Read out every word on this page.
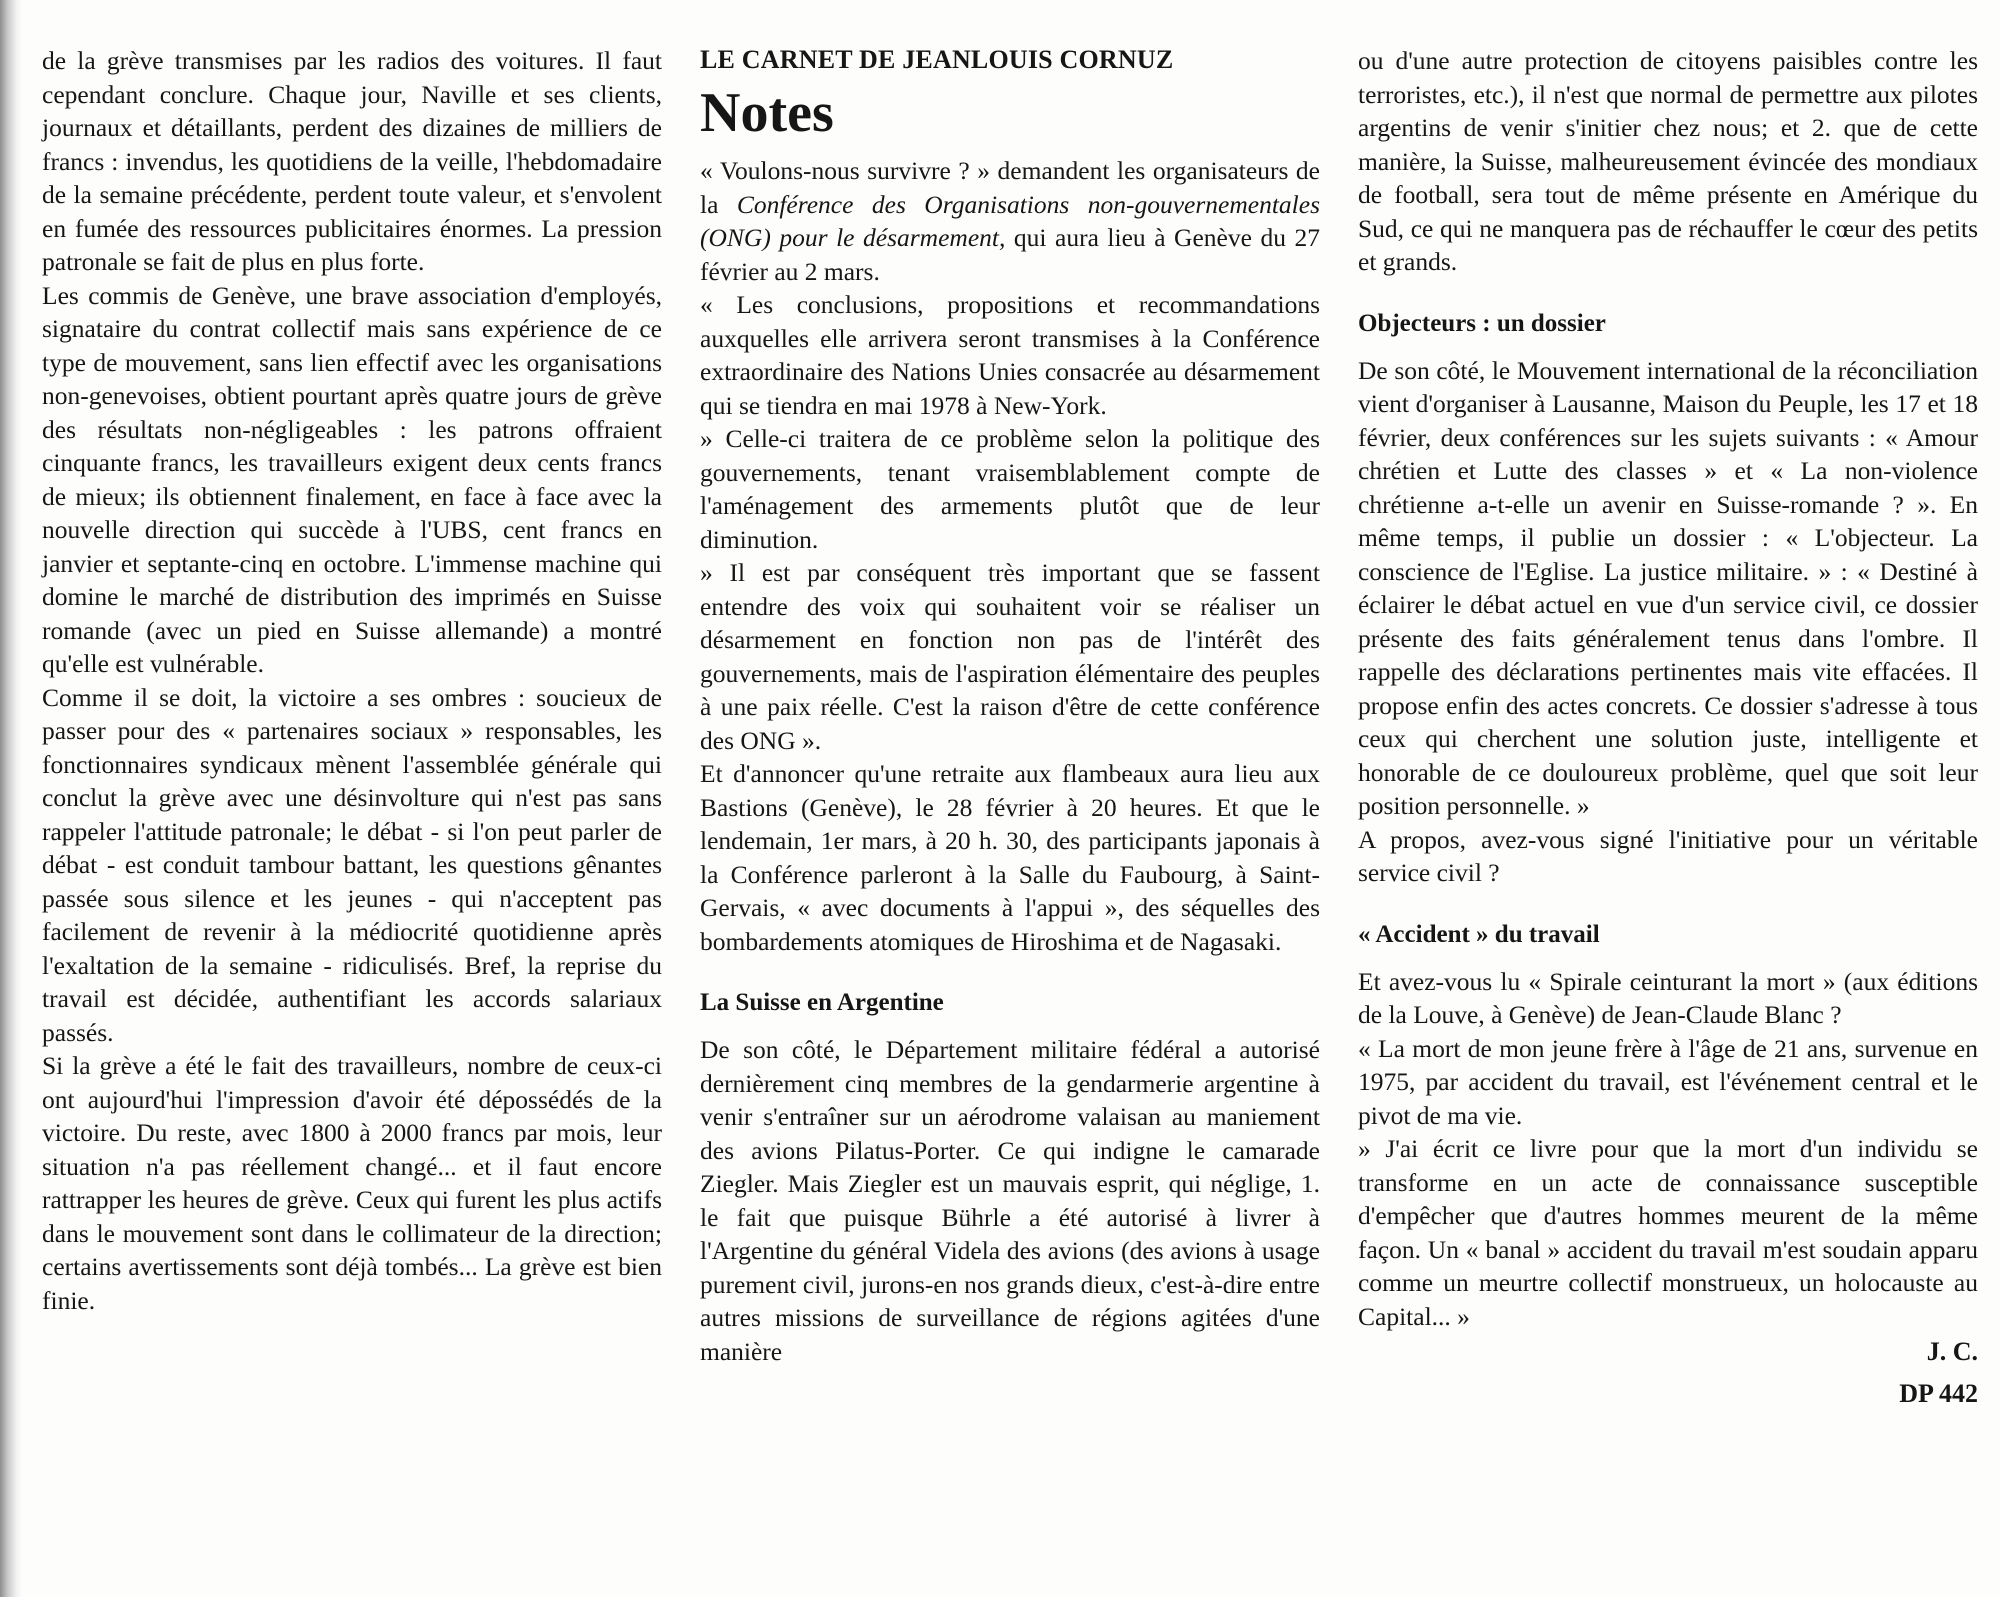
de la grève transmises par les radios des voitures. Il faut cependant conclure. Chaque jour, Naville et ses clients, journaux et détaillants, perdent des dizaines de milliers de francs : invendus, les quotidiens de la veille, l'hebdomadaire de la semaine précédente, perdent toute valeur, et s'envolent en fumée des ressources publicitaires énormes. La pression patronale se fait de plus en plus forte.

Les commis de Genève, une brave association d'employés, signataire du contrat collectif mais sans expérience de ce type de mouvement, sans lien effectif avec les organisations non-genevoises, obtient pourtant après quatre jours de grève des résultats non-négligeables : les patrons offraient cinquante francs, les travailleurs exigent deux cents francs de mieux; ils obtiennent finalement, en face à face avec la nouvelle direction qui succède à l'UBS, cent francs en janvier et septante-cinq en octobre. L'immense machine qui domine le marché de distribution des imprimés en Suisse romande (avec un pied en Suisse allemande) a montré qu'elle est vulnérable.

Comme il se doit, la victoire a ses ombres : soucieux de passer pour des « partenaires sociaux » responsables, les fonctionnaires syndicaux mènent l'assemblée générale qui conclut la grève avec une désinvolture qui n'est pas sans rappeler l'attitude patronale; le débat - si l'on peut parler de débat - est conduit tambour battant, les questions gênantes passée sous silence et les jeunes - qui n'acceptent pas facilement de revenir à la médiocrité quotidienne après l'exaltation de la semaine - ridiculisés. Bref, la reprise du travail est décidée, authentifiant les accords salariaux passés.

Si la grève a été le fait des travailleurs, nombre de ceux-ci ont aujourd'hui l'impression d'avoir été dépossédés de la victoire. Du reste, avec 1800 à 2000 francs par mois, leur situation n'a pas réellement changé... et il faut encore rattrapper les heures de grève. Ceux qui furent les plus actifs dans le mouvement sont dans le collimateur de la direction; certains avertissements sont déjà tombés... La grève est bien finie.

LE CARNET DE JEANLOUIS CORNUZ
Notes

« Voulons-nous survivre ? » demandent les organisateurs de la Conférence des Organisations non-gouvernementales (ONG) pour le désarmement, qui aura lieu à Genève du 27 février au 2 mars.

« Les conclusions, propositions et recommandations auxquelles elle arrivera seront transmises à la Conférence extraordinaire des Nations Unies consacrée au désarmement qui se tiendra en mai 1978 à New-York.

» Celle-ci traitera de ce problème selon la politique des gouvernements, tenant vraisemblablement compte de l'aménagement des armements plutôt que de leur diminution.

» Il est par conséquent très important que se fassent entendre des voix qui souhaitent voir se réaliser un désarmement en fonction non pas de l'intérêt des gouvernements, mais de l'aspiration élémentaire des peuples à une paix réelle. C'est la raison d'être de cette conférence des ONG ».

Et d'annoncer qu'une retraite aux flambeaux aura lieu aux Bastions (Genève), le 28 février à 20 heures. Et que le lendemain, 1er mars, à 20 h. 30, des participants japonais à la Conférence parleront à la Salle du Faubourg, à Saint-Gervais, « avec documents à l'appui », des séquelles des bombardements atomiques de Hiroshima et de Nagasaki.

La Suisse en Argentine

De son côté, le Département militaire fédéral a autorisé dernièrement cinq membres de la gendarmerie argentine à venir s'entraîner sur un aérodrome valaisan au maniement des avions Pilatus-Porter. Ce qui indigne le camarade Ziegler. Mais Ziegler est un mauvais esprit, qui néglige, 1. le fait que puisque Bührle a été autorisé à livrer à l'Argentine du général Videla des avions (des avions à usage purement civil, jurons-en nos grands dieux, c'est-à-dire entre autres missions de surveillance de régions agitées d'une manière

ou d'une autre protection de citoyens paisibles contre les terroristes, etc.), il n'est que normal de permettre aux pilotes argentins de venir s'initier chez nous; et 2. que de cette manière, la Suisse, malheureusement évincée des mondiaux de football, sera tout de même présente en Amérique du Sud, ce qui ne manquera pas de réchauffer le cœur des petits et grands.

Objecteurs : un dossier

De son côté, le Mouvement international de la réconciliation vient d'organiser à Lausanne, Maison du Peuple, les 17 et 18 février, deux conférences sur les sujets suivants : « Amour chrétien et Lutte des classes » et « La non-violence chrétienne a-t-elle un avenir en Suisse-romande ? ». En même temps, il publie un dossier : « L'objecteur. La conscience de l'Eglise. La justice militaire. » : « Destiné à éclairer le débat actuel en vue d'un service civil, ce dossier présente des faits généralement tenus dans l'ombre. Il rappelle des déclarations pertinentes mais vite effacées. Il propose enfin des actes concrets. Ce dossier s'adresse à tous ceux qui cherchent une solution juste, intelligente et honorable de ce douloureux problème, quel que soit leur position personnelle. »

A propos, avez-vous signé l'initiative pour un véritable service civil ?

« Accident » du travail

Et avez-vous lu « Spirale ceinturant la mort » (aux éditions de la Louve, à Genève) de Jean-Claude Blanc ?

« La mort de mon jeune frère à l'âge de 21 ans, survenue en 1975, par accident du travail, est l'événement central et le pivot de ma vie.

» J'ai écrit ce livre pour que la mort d'un individu se transforme en un acte de connaissance susceptible d'empêcher que d'autres hommes meurent de la même façon. Un « banal » accident du travail m'est soudain apparu comme un meurtre collectif monstrueux, un holocauste au Capital... »

J. C.
DP 442
